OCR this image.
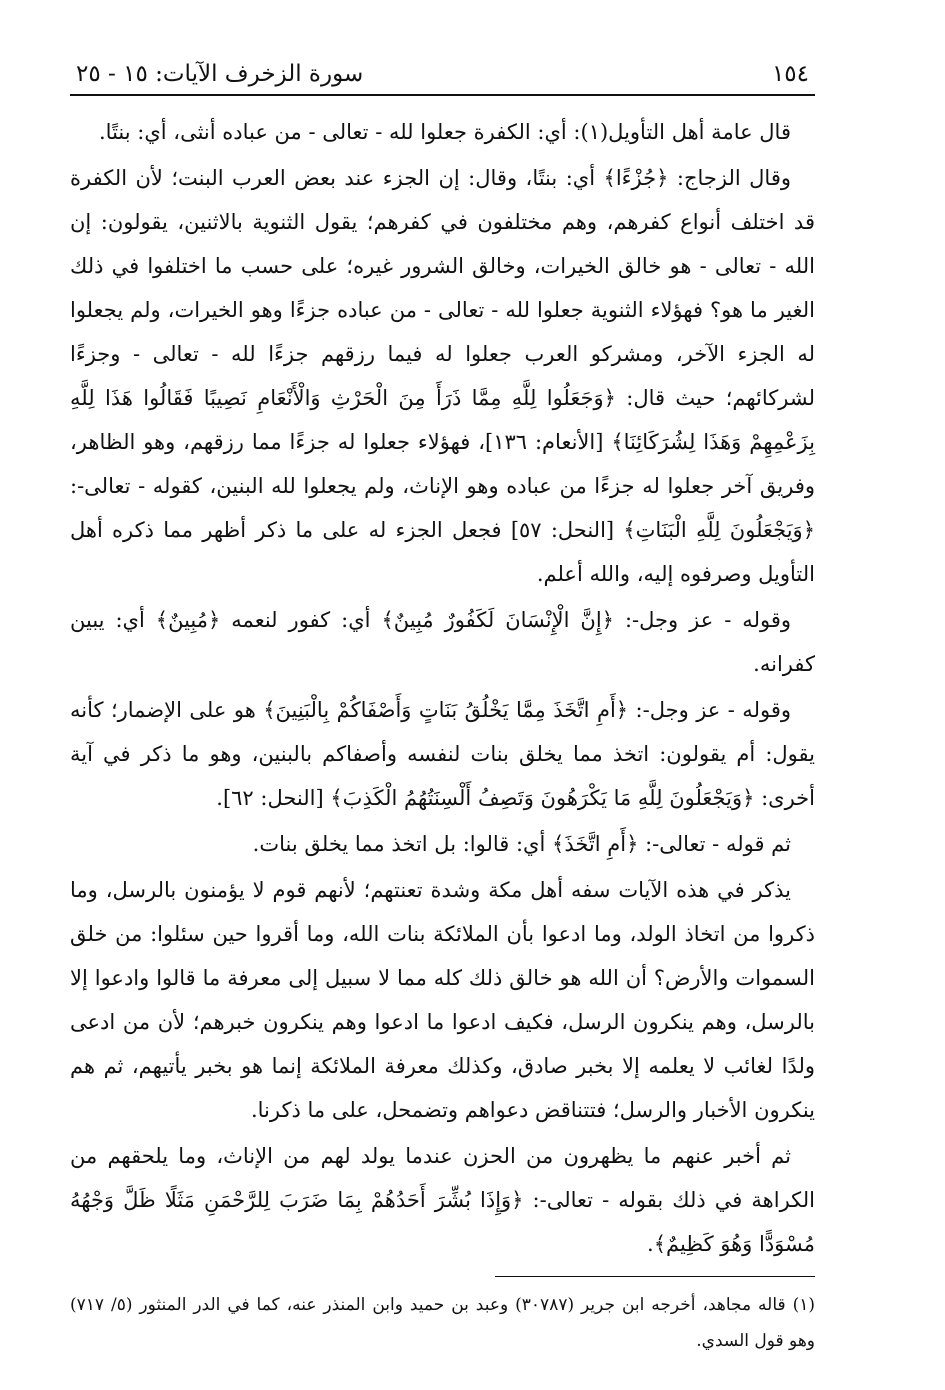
١٥٤
سورة الزخرف الآيات: ١٥ - ٢٥

قال عامة أهل التأويل(١): أي: الكفرة جعلوا لله - تعالى - من عباده أنثى، أي: بنتًا.

وقال الزجاج: ﴿جُزْءًا﴾ أي: بنتًا، وقال: إن الجزء عند بعض العرب البنت؛ لأن الكفرة قد اختلف أنواع كفرهم، وهم مختلفون في كفرهم؛ يقول الثنوية بالاثنين، يقولون: إن الله - تعالى - هو خالق الخيرات، وخالق الشرور غيره؛ على حسب ما اختلفوا في ذلك الغير ما هو؟ فهؤلاء الثنوية جعلوا لله - تعالى - من عباده جزءًا وهو الخيرات، ولم يجعلوا له الجزء الآخر، ومشركو العرب جعلوا له فيما رزقهم جزءًا لله - تعالى - وجزءًا لشركائهم؛ حيث قال: ﴿وَجَعَلُوا لِلَّهِ مِمَّا ذَرَأَ مِنَ الْحَرْثِ وَالْأَنْعَامِ نَصِيبًا فَقَالُوا هَذَا لِلَّهِ بِزَعْمِهِمْ وَهَذَا لِشُرَكَائِنَا﴾ [الأنعام: ١٣٦]، فهؤلاء جعلوا له جزءًا مما رزقهم، وهو الظاهر، وفريق آخر جعلوا له جزءًا من عباده وهو الإناث، ولم يجعلوا لله البنين، كقوله - تعالى-: ﴿وَيَجْعَلُونَ لِلَّهِ الْبَنَاتِ﴾ [النحل: ٥٧] فجعل الجزء له على ما ذكر أظهر مما ذكره أهل التأويل وصرفوه إليه، والله أعلم.

وقوله - عز وجل-: ﴿إِنَّ الْإِنْسَانَ لَكَفُورٌ مُبِينٌ﴾ أي: كفور لنعمه ﴿مُبِينٌ﴾ أي: يبين كفرانه.

وقوله - عز وجل-: ﴿أَمِ اتَّخَذَ مِمَّا يَخْلُقُ بَنَاتٍ وَأَصْفَاكُمْ بِالْبَنِينَ﴾ هو على الإضمار؛ كأنه يقول: أم يقولون: اتخذ مما يخلق بنات لنفسه وأصفاكم بالبنين، وهو ما ذكر في آية أخرى: ﴿وَيَجْعَلُونَ لِلَّهِ مَا يَكْرَهُونَ وَتَصِفُ أَلْسِنَتُهُمُ الْكَذِبَ﴾ [النحل: ٦٢].

ثم قوله - تعالى-: ﴿أَمِ اتَّخَذَ﴾ أي: قالوا: بل اتخذ مما يخلق بنات.

يذكر في هذه الآيات سفه أهل مكة وشدة تعنتهم؛ لأنهم قوم لا يؤمنون بالرسل، وما ذكروا من اتخاذ الولد، وما ادعوا بأن الملائكة بنات الله، وما أقروا حين سئلوا: من خلق السموات والأرض؟ أن الله هو خالق ذلك كله مما لا سبيل إلى معرفة ما قالوا وادعوا إلا بالرسل، وهم ينكرون الرسل، فكيف ادعوا ما ادعوا وهم ينكرون خبرهم؛ لأن من ادعى ولدًا لغائب لا يعلمه إلا بخبر صادق، وكذلك معرفة الملائكة إنما هو بخبر يأتيهم، ثم هم ينكرون الأخبار والرسل؛ فتتناقض دعواهم وتضمحل، على ما ذكرنا.

ثم أخبر عنهم ما يظهرون من الحزن عندما يولد لهم من الإناث، وما يلحقهم من الكراهة في ذلك بقوله - تعالى-: ﴿وَإِذَا بُشِّرَ أَحَدُهُمْ بِمَا ضَرَبَ لِلرَّحْمَنِ مَثَلًا ظَلَّ وَجْهُهُ مُسْوَدًّا وَهُوَ كَظِيمٌ﴾.

(١) قاله مجاهد، أخرجه ابن جرير (٣٠٧٨٧) وعبد بن حميد وابن المنذر عنه، كما في الدر المنثور (٥/ ٧١٧) وهو قول السدي.
